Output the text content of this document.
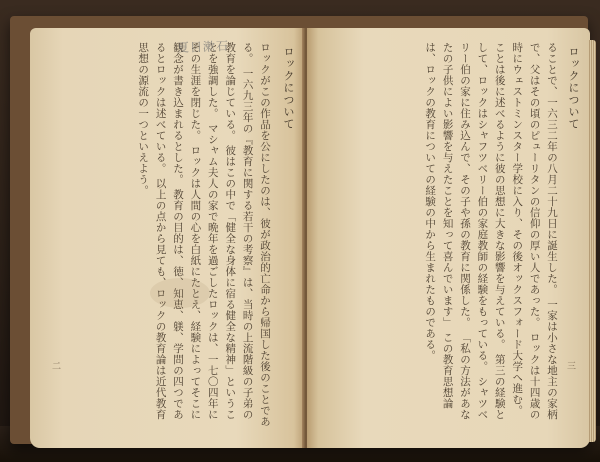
ロックについて
ロックがこの作品を公にしたのは、彼が政治的亡命から帰国した後のことである。 一六九三年の『教育に関する若干の考察』は、当時の上流階級の子弟の教育を論じている。 彼はこの中で「健全な身体に宿る健全な精神」ということを強調した。 マシャム夫人の家で晩年を過ごしたロックは、一七〇四年にその生涯を閉じた。 ロックは人間の心を白紙にたとえ、経験によってそこに観念が書き込まれるとした。 教育の目的は、徳、知恵、躾、学問の四つであるとロックは述べている。 以上の点から見ても、ロックの教育論は近代教育思想の源流の一つといえよう。
二
夏目漱石	ロックについて
ることで、一六三二年の八月二十九日に誕生した。 一家は小さな地主の家柄で、父はその頃のピューリタンの信仰の厚い人であった。 ロックは十四歳の時にウェストミンスター学校に入り、その後オックスフォード大学へ進む。 ことは後に述べるように彼の思想に大きな影響を与えている。 第三の経験として、ロックはシャフツベリー伯の家庭教師の経験をもっている。 シャツベリー伯の家に住み込んで、その子や孫の教育に関係した。 「私の方法があなたの子供によい影響を与えたことを知って喜んでいます」 この教育思想論は、ロックの教育についての経験の中から生まれたものである。
三
